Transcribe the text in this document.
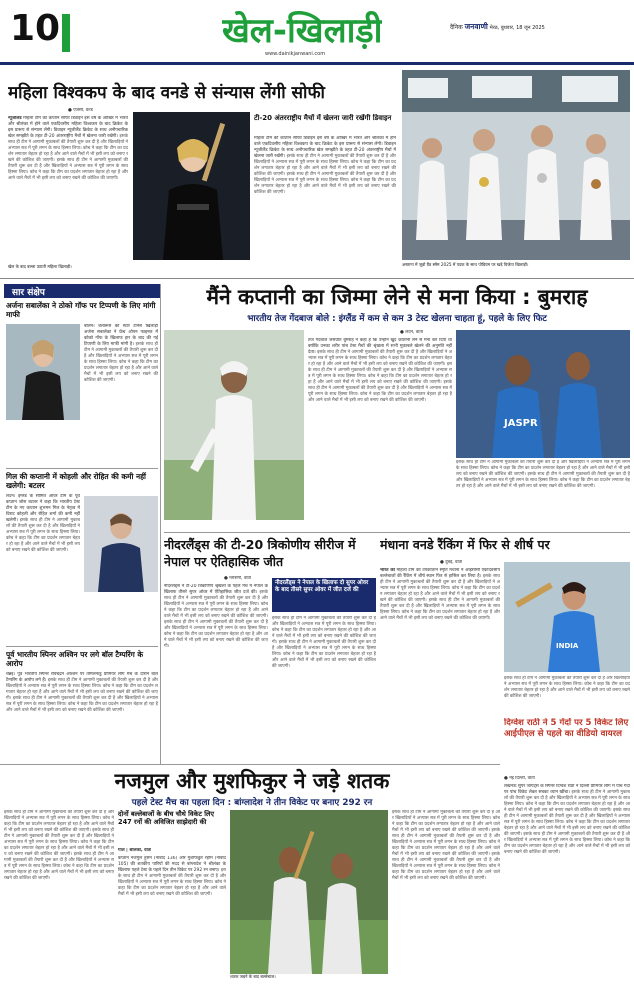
10	खेल-खिलाड़ी
www.dainikjanwani.com
दैनिक जनवाणी मेरठ, बुधवार, 18 जून 2025
महिला विश्वकप के बाद वनडे से संन्यास लेंगी सोफी
● एजेंसी, वर्ल्ड
न्यूजीलैंड महिला टीम की कप्तान सोफी डिवाइन इस वर्ष के आखिर में भारत और श्रीलंका में होने वाले एकदिवसीय महिला विश्वकप के बाद क्रिकेट के इस प्रारूप से संन्यास लेंगी। डिवाइन न्यूजीलैंड क्रिकेट के साथ अनौपचारिक खेल समझौते के तहत टी-20 अंतरराष्ट्रीय मैचों में खेलना जारी रखेंगी। इसके साथ ही टीम ने आगामी मुकाबलों की तैयारी शुरू कर दी है और खिलाड़ियों ने अभ्यास सत्र में पूरी लगन के साथ हिस्सा लिया। कोच ने कहा कि टीम का प्रदर्शन लगातार बेहतर हो रहा है और आने वाले मैचों में भी इसी लय को बनाए रखने की कोशिश की जाएगी। इसके साथ ही टीम ने आगामी मुकाबलों की तैयारी शुरू कर दी है और खिलाड़ियों ने अभ्यास सत्र में पूरी लगन के साथ हिस्सा लिया। कोच ने कहा कि टीम का प्रदर्शन लगातार बेहतर हो रहा है और आने वाले मैचों में भी इसी लय को बनाए रखने की कोशिश की जाएगी।
टी-20 अंतरराष्ट्रीय मैचों में खेलना जारी रखेंगी डिवाइन
महिला टीम की कप्तान सोफी डिवाइन इस वर्ष के आखिर में भारत और श्रीलंका में होने वाले एकदिवसीय महिला विश्वकप के बाद क्रिकेट के इस प्रारूप से संन्यास लेंगी। डिवाइन न्यूजीलैंड क्रिकेट के साथ अनौपचारिक खेल समझौते के तहत टी-20 अंतरराष्ट्रीय मैचों में खेलना जारी रखेंगी। इसके साथ ही टीम ने आगामी मुकाबलों की तैयारी शुरू कर दी है और खिलाड़ियों ने अभ्यास सत्र में पूरी लगन के साथ हिस्सा लिया। कोच ने कहा कि टीम का प्रदर्शन लगातार बेहतर हो रहा है और आने वाले मैचों में भी इसी लय को बनाए रखने की कोशिश की जाएगी। इसके साथ ही टीम ने आगामी मुकाबलों की तैयारी शुरू कर दी है और खिलाड़ियों ने अभ्यास सत्र में पूरी लगन के साथ हिस्सा लिया। कोच ने कहा कि टीम का प्रदर्शन लगातार बेहतर हो रहा है और आने वाले मैचों में भी इसी लय को बनाए रखने की कोशिश की जाएगी।
खेल के बाद बल्ला उठाती महिला खिलाड़ी।	अस्ताना में जूडो ग्रैंड स्लैम 2025 में पदक के साथ पोडियम पर खड़े विजेता खिलाड़ी।
सार संक्षेप
अर्जना सबालेंका ने ठोको गॉफ पर टिप्पणी के लिए मांगी माफी
बर्लिन। बेलारूस की स्टार टेनिस खिलाड़ी अर्जना सबालेंका ने फ्रेंच ओपन फाइनल में कोको गॉफ के खिलाफ हार के बाद की गई टिप्पणी के लिए माफी मांगी है। इसके साथ ही टीम ने आगामी मुकाबलों की तैयारी शुरू कर दी है और खिलाड़ियों ने अभ्यास सत्र में पूरी लगन के साथ हिस्सा लिया। कोच ने कहा कि टीम का प्रदर्शन लगातार बेहतर हो रहा है और आने वाले मैचों में भी इसी लय को बनाए रखने की कोशिश की जाएगी।
गिल की कप्तानी में कोहली और रोहित की कमी नहीं खलेगी: बटलर
लंदन। इंग्लैंड के सीमित ओवर टीम के पूर्व कप्तान जोस बटलर ने कहा कि भारतीय टेस्ट टीम के नए कप्तान शुभमन गिल के नेतृत्व में विराट कोहली और रोहित शर्मा की कमी नहीं खलेगी। इसके साथ ही टीम ने आगामी मुकाबलों की तैयारी शुरू कर दी है और खिलाड़ियों ने अभ्यास सत्र में पूरी लगन के साथ हिस्सा लिया। कोच ने कहा कि टीम का प्रदर्शन लगातार बेहतर हो रहा है और आने वाले मैचों में भी इसी लय को बनाए रखने की कोशिश की जाएगी।
पूर्व भारतीय स्पिनर अश्विन पर लगे बॉल टैम्परिंग के आरोप
चेन्नई। पूर्व भारतीय स्पिनर रविचंद्रन अश्विन पर तमिलनाडु प्रीमियर लीग मैच के दौरान बॉल टैम्परिंग के आरोप लगे हैं। इसके साथ ही टीम ने आगामी मुकाबलों की तैयारी शुरू कर दी है और खिलाड़ियों ने अभ्यास सत्र में पूरी लगन के साथ हिस्सा लिया। कोच ने कहा कि टीम का प्रदर्शन लगातार बेहतर हो रहा है और आने वाले मैचों में भी इसी लय को बनाए रखने की कोशिश की जाएगी। इसके साथ ही टीम ने आगामी मुकाबलों की तैयारी शुरू कर दी है और खिलाड़ियों ने अभ्यास सत्र में पूरी लगन के साथ हिस्सा लिया। कोच ने कहा कि टीम का प्रदर्शन लगातार बेहतर हो रहा है और आने वाले मैचों में भी इसी लय को बनाए रखने की कोशिश की जाएगी।
मैंने कप्तानी का जिम्मा लेने से मना किया : बुमराह
भारतीय तेज गेंदबाज बोले : इंग्लैंड में कम से कम 3 टेस्ट खेलना चाहता हूं, पहले के लिए फिट
● लंदन, वार्ता
तेज गेंदबाज जसप्रीत बुमराह ने कहा है कि उन्होंने खुद कप्तानी लेने से मना कर दिया था क्योंकि उनका शरीर पांच टेस्ट मैचों की श्रृंखला में सभी मुकाबले खेलने की अनुमति नहीं देता। इसके साथ ही टीम ने आगामी मुकाबलों की तैयारी शुरू कर दी है और खिलाड़ियों ने अभ्यास सत्र में पूरी लगन के साथ हिस्सा लिया। कोच ने कहा कि टीम का प्रदर्शन लगातार बेहतर हो रहा है और आने वाले मैचों में भी इसी लय को बनाए रखने की कोशिश की जाएगी। इसके साथ ही टीम ने आगामी मुकाबलों की तैयारी शुरू कर दी है और खिलाड़ियों ने अभ्यास सत्र में पूरी लगन के साथ हिस्सा लिया। कोच ने कहा कि टीम का प्रदर्शन लगातार बेहतर हो रहा है और आने वाले मैचों में भी इसी लय को बनाए रखने की कोशिश की जाएगी। इसके साथ ही टीम ने आगामी मुकाबलों की तैयारी शुरू कर दी है और खिलाड़ियों ने अभ्यास सत्र में पूरी लगन के साथ हिस्सा लिया। कोच ने कहा कि टीम का प्रदर्शन लगातार बेहतर हो रहा है और आने वाले मैचों में भी इसी लय को बनाए रखने की कोशिश की जाएगी।
JASPR
इसके साथ ही टीम ने आगामी मुकाबलों की तैयारी शुरू कर दी है और खिलाड़ियों ने अभ्यास सत्र में पूरी लगन के साथ हिस्सा लिया। कोच ने कहा कि टीम का प्रदर्शन लगातार बेहतर हो रहा है और आने वाले मैचों में भी इसी लय को बनाए रखने की कोशिश की जाएगी। इसके साथ ही टीम ने आगामी मुकाबलों की तैयारी शुरू कर दी है और खिलाड़ियों ने अभ्यास सत्र में पूरी लगन के साथ हिस्सा लिया। कोच ने कहा कि टीम का प्रदर्शन लगातार बेहतर हो रहा है और आने वाले मैचों में भी इसी लय को बनाए रखने की कोशिश की जाएगी।
नीदरलैंड्स की टी-20 त्रिकोणीय सीरीज में नेपाल पर ऐतिहासिक जीत
● ग्लासगो, वार्ता
नीदरलैंड्स ने टी-20 त्रिकोणीय श्रृंखला के पहले मैच में नेपाल के खिलाफ तीसरे सुपर ओवर में ऐतिहासिक जीत दर्ज की। इसके साथ ही टीम ने आगामी मुकाबलों की तैयारी शुरू कर दी है और खिलाड़ियों ने अभ्यास सत्र में पूरी लगन के साथ हिस्सा लिया। कोच ने कहा कि टीम का प्रदर्शन लगातार बेहतर हो रहा है और आने वाले मैचों में भी इसी लय को बनाए रखने की कोशिश की जाएगी। इसके साथ ही टीम ने आगामी मुकाबलों की तैयारी शुरू कर दी है और खिलाड़ियों ने अभ्यास सत्र में पूरी लगन के साथ हिस्सा लिया। कोच ने कहा कि टीम का प्रदर्शन लगातार बेहतर हो रहा है और आने वाले मैचों में भी इसी लय को बनाए रखने की कोशिश की जाएगी।
नीदरलैंड्स ने नेपाल के खिलाफ दो सुपर ओवर के बाद तीसरे सुपर ओवर में जीत दर्ज की
इसके साथ ही टीम ने आगामी मुकाबलों की तैयारी शुरू कर दी है और खिलाड़ियों ने अभ्यास सत्र में पूरी लगन के साथ हिस्सा लिया। कोच ने कहा कि टीम का प्रदर्शन लगातार बेहतर हो रहा है और आने वाले मैचों में भी इसी लय को बनाए रखने की कोशिश की जाएगी। इसके साथ ही टीम ने आगामी मुकाबलों की तैयारी शुरू कर दी है और खिलाड़ियों ने अभ्यास सत्र में पूरी लगन के साथ हिस्सा लिया। कोच ने कहा कि टीम का प्रदर्शन लगातार बेहतर हो रहा है और आने वाले मैचों में भी इसी लय को बनाए रखने की कोशिश की जाएगी।
मंधाना वनडे रैंकिंग में फिर से शीर्ष पर
● दुबई, वार्ता
भारत की महिला टीम की उपकप्तान स्मृति मंधाना ने आईसीसी एकदिवसीय बल्लेबाजों की रैंकिंग में शीर्ष स्थान फिर से हासिल कर लिया है। इसके साथ ही टीम ने आगामी मुकाबलों की तैयारी शुरू कर दी है और खिलाड़ियों ने अभ्यास सत्र में पूरी लगन के साथ हिस्सा लिया। कोच ने कहा कि टीम का प्रदर्शन लगातार बेहतर हो रहा है और आने वाले मैचों में भी इसी लय को बनाए रखने की कोशिश की जाएगी। इसके साथ ही टीम ने आगामी मुकाबलों की तैयारी शुरू कर दी है और खिलाड़ियों ने अभ्यास सत्र में पूरी लगन के साथ हिस्सा लिया। कोच ने कहा कि टीम का प्रदर्शन लगातार बेहतर हो रहा है और आने वाले मैचों में भी इसी लय को बनाए रखने की कोशिश की जाएगी।
INDIA
इसके साथ ही टीम ने आगामी मुकाबलों की तैयारी शुरू कर दी है और खिलाड़ियों ने अभ्यास सत्र में पूरी लगन के साथ हिस्सा लिया। कोच ने कहा कि टीम का प्रदर्शन लगातार बेहतर हो रहा है और आने वाले मैचों में भी इसी लय को बनाए रखने की कोशिश की जाएगी।
दिग्वेश राठी ने 5 गेंदों पर 5 विकेट लिए आईपीएल से पहले का वीडियो वायरल
● नई दिल्ली, वार्ता
लखनऊ सुपर जायंट्स के स्पिनर दिग्वेश राठी ने दिल्ली प्रीमियर लीग में पांच गेंदों पर पांच विकेट लेकर सबका ध्यान खींचा। इसके साथ ही टीम ने आगामी मुकाबलों की तैयारी शुरू कर दी है और खिलाड़ियों ने अभ्यास सत्र में पूरी लगन के साथ हिस्सा लिया। कोच ने कहा कि टीम का प्रदर्शन लगातार बेहतर हो रहा है और आने वाले मैचों में भी इसी लय को बनाए रखने की कोशिश की जाएगी। इसके साथ ही टीम ने आगामी मुकाबलों की तैयारी शुरू कर दी है और खिलाड़ियों ने अभ्यास सत्र में पूरी लगन के साथ हिस्सा लिया। कोच ने कहा कि टीम का प्रदर्शन लगातार बेहतर हो रहा है और आने वाले मैचों में भी इसी लय को बनाए रखने की कोशिश की जाएगी। इसके साथ ही टीम ने आगामी मुकाबलों की तैयारी शुरू कर दी है और खिलाड़ियों ने अभ्यास सत्र में पूरी लगन के साथ हिस्सा लिया। कोच ने कहा कि टीम का प्रदर्शन लगातार बेहतर हो रहा है और आने वाले मैचों में भी इसी लय को बनाए रखने की कोशिश की जाएगी।
नजमुल और मुशफिकुर ने जड़े शतक
पहले टेस्ट मैच का पहला दिन : बांग्लादेश ने तीन विकेट पर बनाए 292 रन
दोनों बल्लेबाजों के बीच चौथे विकेट लिए 247 रनों की अविजित साझेदारी की
इसके साथ ही टीम ने आगामी मुकाबलों की तैयारी शुरू कर दी है और खिलाड़ियों ने अभ्यास सत्र में पूरी लगन के साथ हिस्सा लिया। कोच ने कहा कि टीम का प्रदर्शन लगातार बेहतर हो रहा है और आने वाले मैचों में भी इसी लय को बनाए रखने की कोशिश की जाएगी। इसके साथ ही टीम ने आगामी मुकाबलों की तैयारी शुरू कर दी है और खिलाड़ियों ने अभ्यास सत्र में पूरी लगन के साथ हिस्सा लिया। कोच ने कहा कि टीम का प्रदर्शन लगातार बेहतर हो रहा है और आने वाले मैचों में भी इसी लय को बनाए रखने की कोशिश की जाएगी। इसके साथ ही टीम ने आगामी मुकाबलों की तैयारी शुरू कर दी है और खिलाड़ियों ने अभ्यास सत्र में पूरी लगन के साथ हिस्सा लिया। कोच ने कहा कि टीम का प्रदर्शन लगातार बेहतर हो रहा है और आने वाले मैचों में भी इसी लय को बनाए रखने की कोशिश की जाएगी।
गाले | श्रीलंका, वार्ता
कप्तान नजमुल हुसैन (नाबाद 136) और मुशफिकुर रहीम (नाबाद 105) की शतकीय पारियों की मदद से बांग्लादेश ने श्रीलंका के खिलाफ पहले टेस्ट के पहले दिन तीन विकेट पर 292 रन बनाए। इसके साथ ही टीम ने आगामी मुकाबलों की तैयारी शुरू कर दी है और खिलाड़ियों ने अभ्यास सत्र में पूरी लगन के साथ हिस्सा लिया। कोच ने कहा कि टीम का प्रदर्शन लगातार बेहतर हो रहा है और आने वाले मैचों में भी इसी लय को बनाए रखने की कोशिश की जाएगी।
शतक जड़ने के बाद बल्लेबाज।
इसके साथ ही टीम ने आगामी मुकाबलों की तैयारी शुरू कर दी है और खिलाड़ियों ने अभ्यास सत्र में पूरी लगन के साथ हिस्सा लिया। कोच ने कहा कि टीम का प्रदर्शन लगातार बेहतर हो रहा है और आने वाले मैचों में भी इसी लय को बनाए रखने की कोशिश की जाएगी। इसके साथ ही टीम ने आगामी मुकाबलों की तैयारी शुरू कर दी है और खिलाड़ियों ने अभ्यास सत्र में पूरी लगन के साथ हिस्सा लिया। कोच ने कहा कि टीम का प्रदर्शन लगातार बेहतर हो रहा है और आने वाले मैचों में भी इसी लय को बनाए रखने की कोशिश की जाएगी। इसके साथ ही टीम ने आगामी मुकाबलों की तैयारी शुरू कर दी है और खिलाड़ियों ने अभ्यास सत्र में पूरी लगन के साथ हिस्सा लिया। कोच ने कहा कि टीम का प्रदर्शन लगातार बेहतर हो रहा है और आने वाले मैचों में भी इसी लय को बनाए रखने की कोशिश की जाएगी।
